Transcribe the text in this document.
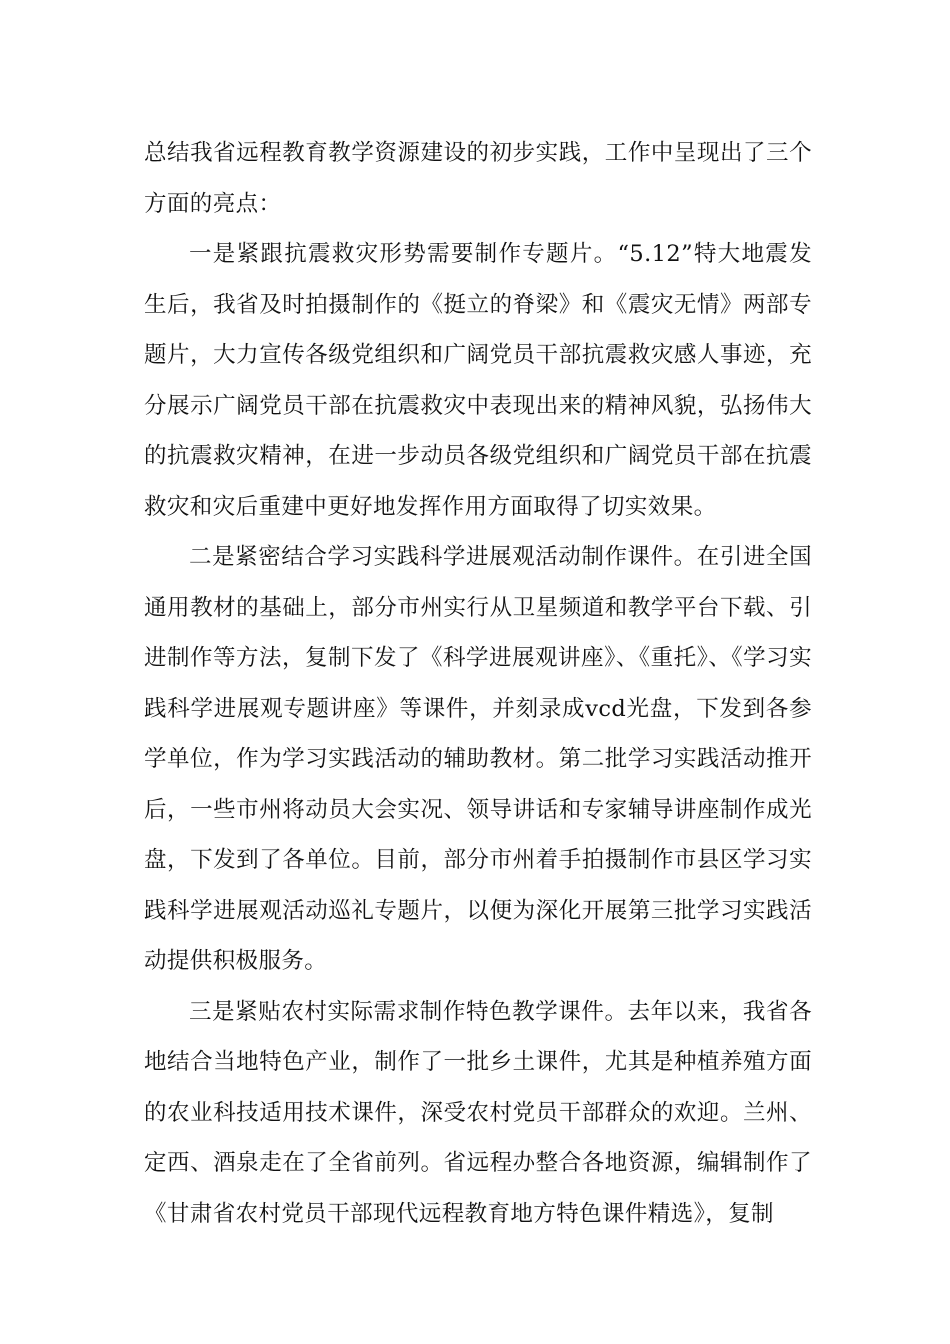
总结我省远程教育教学资源建设的初步实践，工作中呈现出了三个方面的亮点：

一是紧跟抗震救灾形势需要制作专题片。“5.12”特大地震发生后，我省及时拍摄制作的《挺立的脊梁》和《震灾无情》两部专题片，大力宣传各级党组织和广阔党员干部抗震救灾感人事迹，充分展示广阔党员干部在抗震救灾中表现出来的精神风貌，弘扬伟大的抗震救灾精神，在进一步动员各级党组织和广阔党员干部在抗震救灾和灾后重建中更好地发挥作用方面取得了切实效果。

二是紧密结合学习实践科学进展观活动制作课件。在引进全国通用教材的基础上，部分市州实行从卫星频道和教学平台下载、引进制作等方法，复制下发了《科学进展观讲座》、《重托》、《学习实践科学进展观专题讲座》等课件，并刻录成vcd光盘，下发到各参学单位，作为学习实践活动的辅助教材。第二批学习实践活动推开后，一些市州将动员大会实况、领导讲话和专家辅导讲座制作成光盘，下发到了各单位。目前，部分市州着手拍摄制作市县区学习实践科学进展观活动巡礼专题片，以便为深化开展第三批学习实践活动提供积极服务。

三是紧贴农村实际需求制作特色教学课件。去年以来，我省各地结合当地特色产业，制作了一批乡土课件，尤其是种植养殖方面的农业科技适用技术课件，深受农村党员干部群众的欢迎。兰州、定西、酒泉走在了全省前列。省远程办整合各地资源，编辑制作了《甘肃省农村党员干部现代远程教育地方特色课件精选》，复制
